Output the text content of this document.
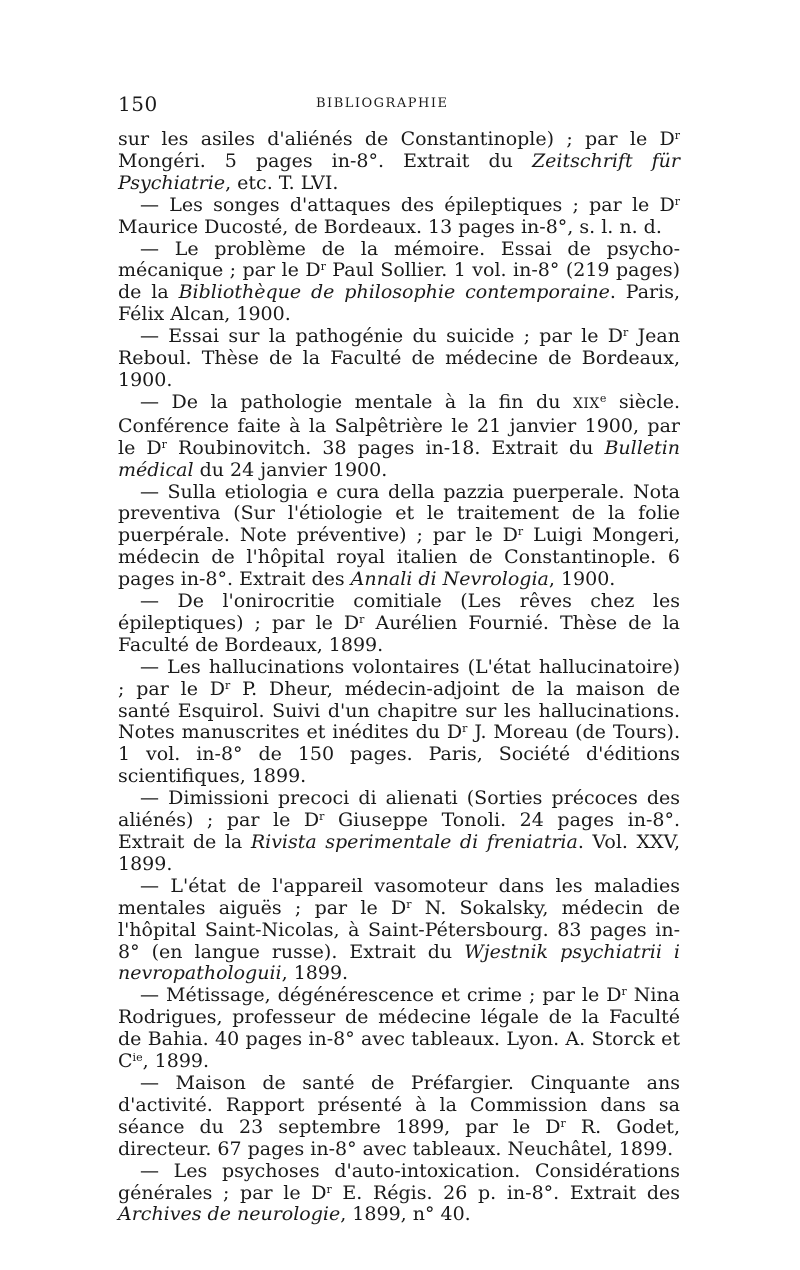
150	BIBLIOGRAPHIE

sur les asiles d'aliénés de Constantinople) ; par le $D^r$ Mongéri. 5 pages in-8°. Extrait du Zeitschrift für Psychiatrie, etc. T. LVI.

— Les songes d'attaques des épileptiques ; par le $D^r$ Maurice Ducosté, de Bordeaux. 13 pages in-8°, s. l. n. d.

— Le problème de la mémoire. Essai de psycho-mécanique ; par le $D^r$ Paul Sollier. 1 vol. in-8° (219 pages) de la Bibliothèque de philosophie contemporaine. Paris, Félix Alcan, 1900.

— Essai sur la pathogénie du suicide ; par le $D^r$ Jean Reboul. Thèse de la Faculté de médecine de Bordeaux, 1900.

— De la pathologie mentale à la fin du XIXe siècle. Conférence faite à la Salpêtrière le 21 janvier 1900, par le $D^r$ Roubinovitch. 38 pages in-18. Extrait du Bulletin médical du 24 janvier 1900.

— Sulla etiologia e cura della pazzia puerperale. Nota preventiva (Sur l'étiologie et le traitement de la folie puerpérale. Note préventive) ; par le $D^r$ Luigi Mongeri, médecin de l'hôpital royal italien de Constantinople. 6 pages in-8°. Extrait des Annali di Nevrologia, 1900.

— De l'onirocritie comitiale (Les rêves chez les épileptiques) ; par le $D^r$ Aurélien Fournié. Thèse de la Faculté de Bordeaux, 1899.

— Les hallucinations volontaires (L'état hallucinatoire) ; par le $D^r$ P. Dheur, médecin-adjoint de la maison de santé Esquirol. Suivi d'un chapitre sur les hallucinations. Notes manuscrites et inédites du $D^r$ J. Moreau (de Tours). 1 vol. in-8° de 150 pages. Paris, Société d'éditions scientifiques, 1899.

— Dimissioni precoci di alienati (Sorties précoces des aliénés) ; par le $D^r$ Giuseppe Tonoli. 24 pages in-8°. Extrait de la Rivista sperimentale di freniatria. Vol. XXV, 1899.

— L'état de l'appareil vasomoteur dans les maladies mentales aiguës ; par le $D^r$ N. Sokalsky, médecin de l'hôpital Saint-Nicolas, à Saint-Pétersbourg. 83 pages in-8° (en langue russe). Extrait du Wjestnik psychiatrii i nevropathologuii, 1899.

— Métissage, dégénérescence et crime ; par le $D^r$ Nina Rodrigues, professeur de médecine légale de la Faculté de Bahia. 40 pages in-8° avec tableaux. Lyon. A. Storck et $C^{ie}$, 1899.

— Maison de santé de Préfargier. Cinquante ans d'activité. Rapport présenté à la Commission dans sa séance du 23 septembre 1899, par le $D^r$ R. Godet, directeur. 67 pages in-8° avec tableaux. Neuchâtel, 1899.

— Les psychoses d'auto-intoxication. Considérations générales ; par le $D^r$ E. Régis. 26 p. in-8°. Extrait des Archives de neurologie, 1899, n° 40.
